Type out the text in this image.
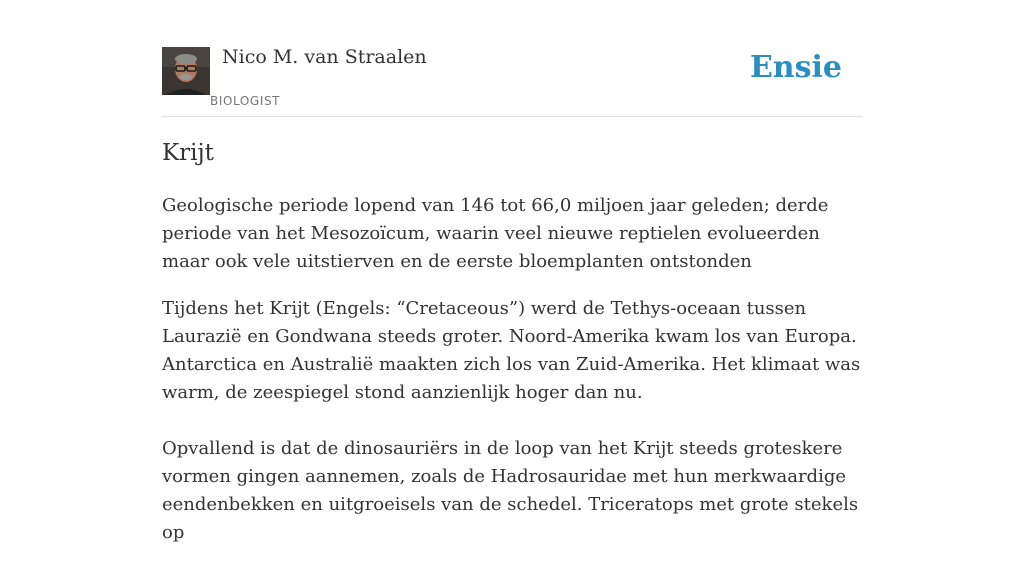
Nico M. van Straalen
BIOLOGIST
Ensie
Krijt
Geologische periode lopend van 146 tot 66,0 miljoen jaar geleden; derde periode van het Mesozoïcum, waarin veel nieuwe reptielen evolueerden maar ook vele uitstierven en de eerste bloemplanten ontstonden

Tijdens het Krijt (Engels: “Cretaceous”) werd de Tethys-oceaan tussen Laurazië en Gondwana steeds groter. Noord-Amerika kwam los van Europa. Antarctica en Australië maakten zich los van Zuid-Amerika. Het klimaat was warm, de zeespiegel stond aanzienlijk hoger dan nu.

Opvallend is dat de dinosauriërs in de loop van het Krijt steeds groteskere vormen gingen aannemen, zoals de Hadrosauridae met hun merkwaardige eendenbekken en uitgroeisels van de schedel. Triceratops met grote stekels op
